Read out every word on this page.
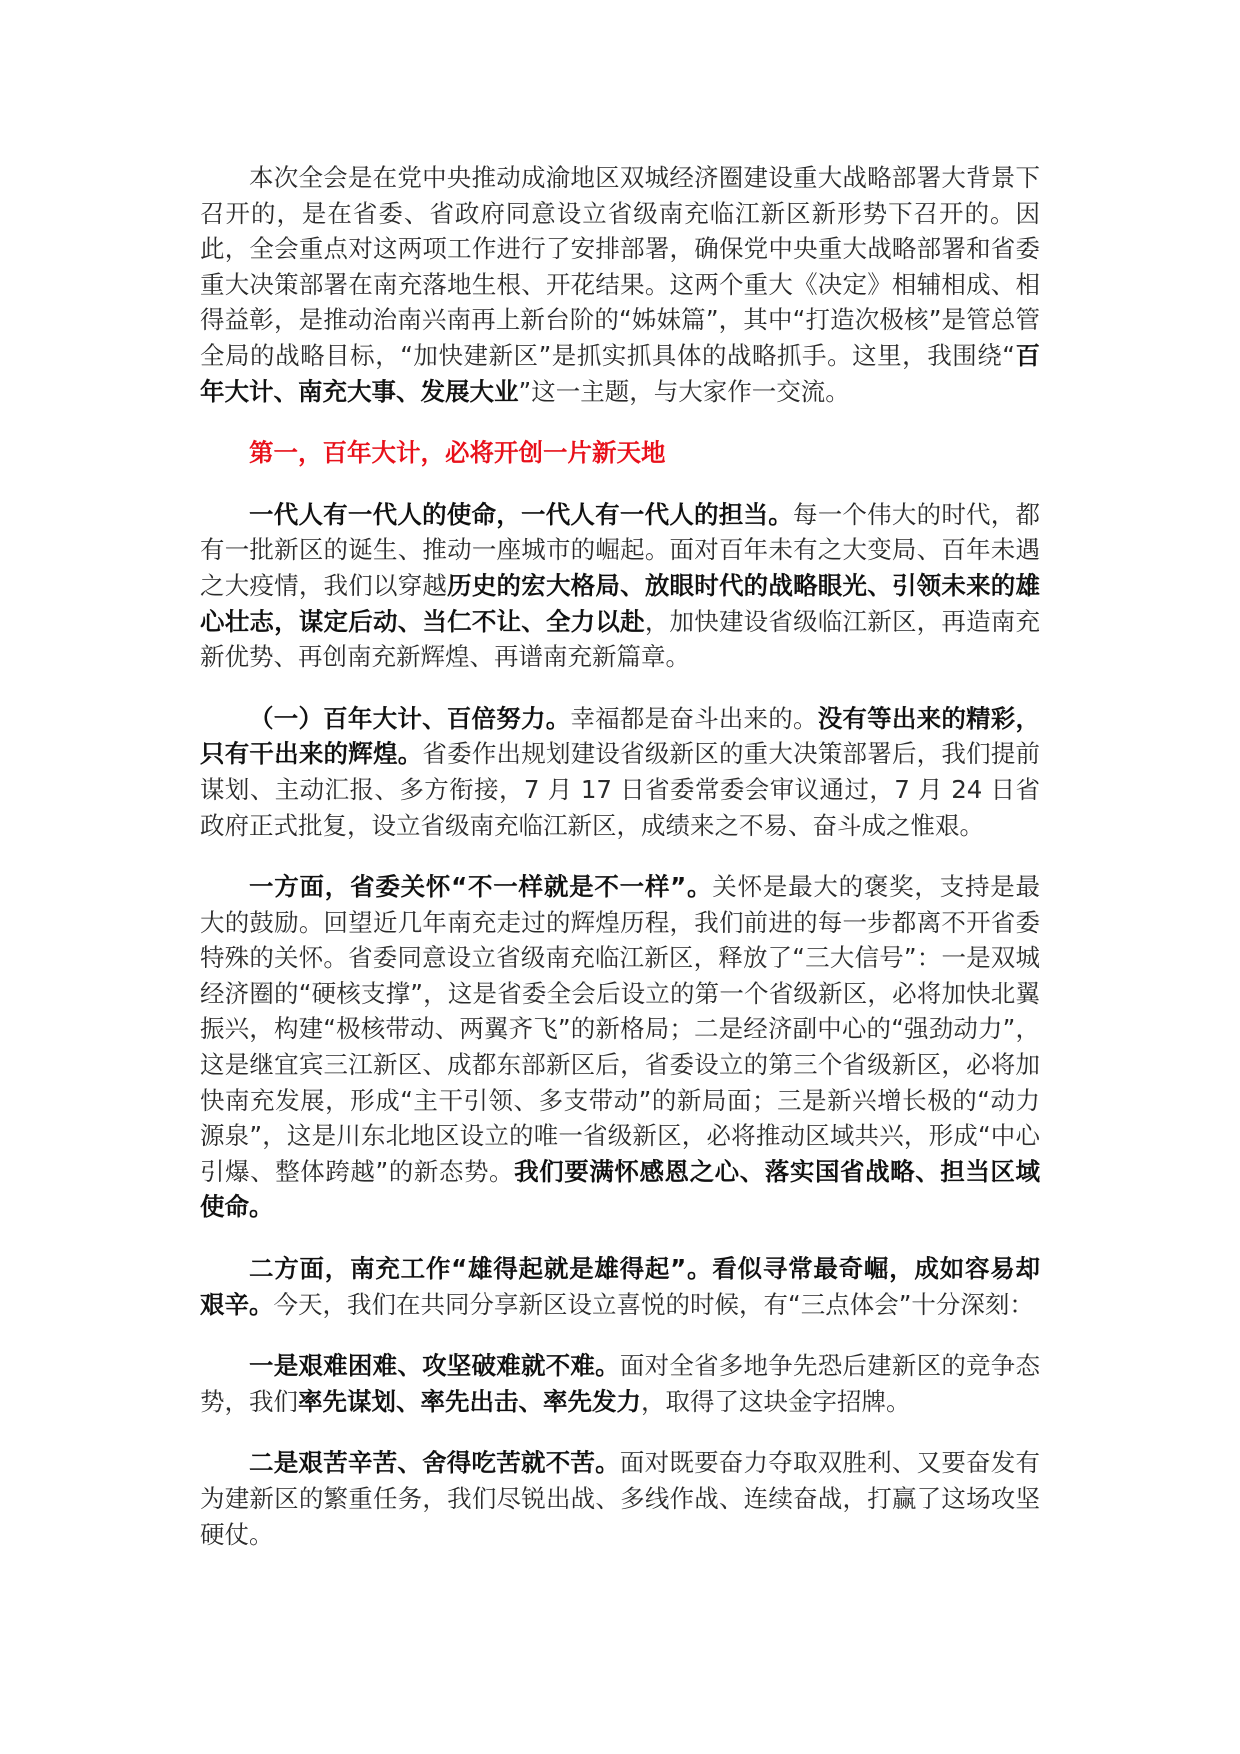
本次全会是在党中央推动成渝地区双城经济圈建设重大战略部署大背景下召开的，是在省委、省政府同意设立省级南充临江新区新形势下召开的。因此，全会重点对这两项工作进行了安排部署，确保党中央重大战略部署和省委重大决策部署在南充落地生根、开花结果。这两个重大《决定》相辅相成、相得益彰，是推动治南兴南再上新台阶的“姊妹篇”，其中“打造次极核”是管总管全局的战略目标，“加快建新区”是抓实抓具体的战略抓手。这里，我围绕“百年大计、南充大事、发展大业”这一主题，与大家作一交流。

第一，百年大计，必将开创一片新天地

一代人有一代人的使命，一代人有一代人的担当。每一个伟大的时代，都有一批新区的诞生、推动一座城市的崛起。面对百年未有之大变局、百年未遇之大疫情，我们以穿越历史的宏大格局、放眼时代的战略眼光、引领未来的雄心壮志，谋定后动、当仁不让、全力以赴，加快建设省级临江新区，再造南充新优势、再创南充新辉煌、再谱南充新篇章。

（一）百年大计、百倍努力。幸福都是奋斗出来的。没有等出来的精彩，只有干出来的辉煌。省委作出规划建设省级新区的重大决策部署后，我们提前谋划、主动汇报、多方衔接，7 月 17 日省委常委会审议通过，7 月 24 日省政府正式批复，设立省级南充临江新区，成绩来之不易、奋斗成之惟艰。

一方面，省委关怀“不一样就是不一样”。关怀是最大的褒奖，支持是最大的鼓励。回望近几年南充走过的辉煌历程，我们前进的每一步都离不开省委特殊的关怀。省委同意设立省级南充临江新区，释放了“三大信号”：一是双城经济圈的“硬核支撑”，这是省委全会后设立的第一个省级新区，必将加快北翼振兴，构建“极核带动、两翼齐飞”的新格局；二是经济副中心的“强劲动力”，这是继宜宾三江新区、成都东部新区后，省委设立的第三个省级新区，必将加快南充发展，形成“主干引领、多支带动”的新局面；三是新兴增长极的“动力源泉”，这是川东北地区设立的唯一省级新区，必将推动区域共兴，形成“中心引爆、整体跨越”的新态势。我们要满怀感恩之心、落实国省战略、担当区域使命。

二方面，南充工作“雄得起就是雄得起”。看似寻常最奇崛，成如容易却艰辛。今天，我们在共同分享新区设立喜悦的时候，有“三点体会”十分深刻：

一是艰难困难、攻坚破难就不难。面对全省多地争先恐后建新区的竞争态势，我们率先谋划、率先出击、率先发力，取得了这块金字招牌。

二是艰苦辛苦、舍得吃苦就不苦。面对既要奋力夺取双胜利、又要奋发有为建新区的繁重任务，我们尽锐出战、多线作战、连续奋战，打赢了这场攻坚硬仗。
